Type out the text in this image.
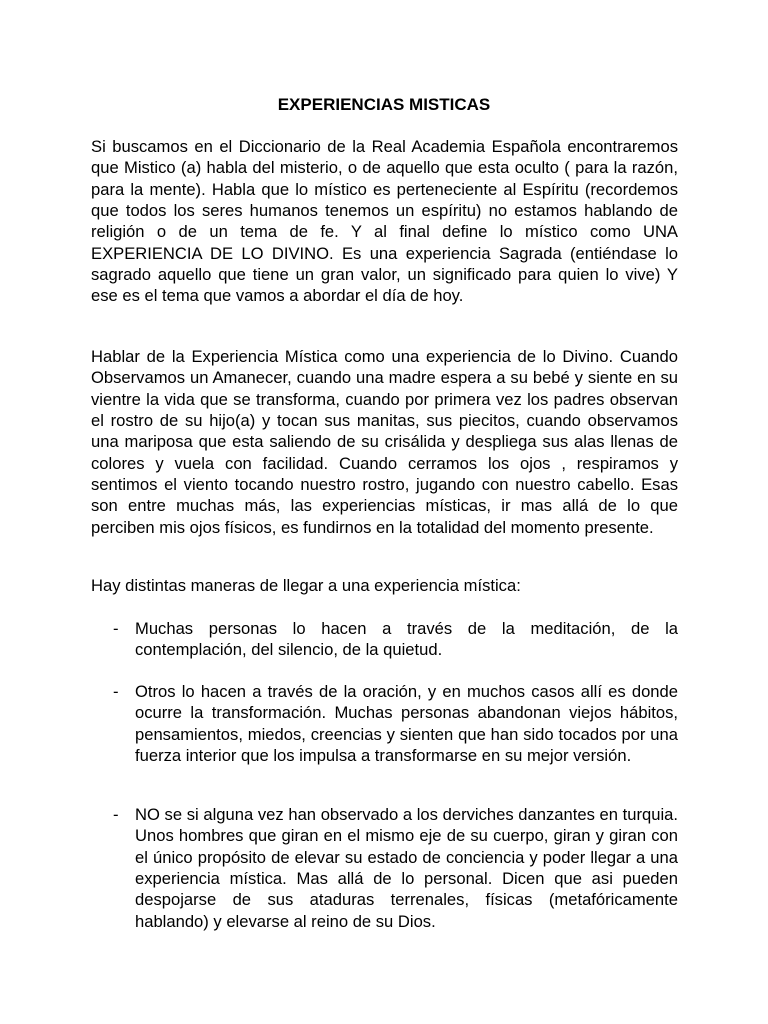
EXPERIENCIAS MISTICAS

Si buscamos en el Diccionario de la Real Academia Española encontraremos que Mistico (a) habla del misterio, o de aquello que esta oculto ( para la razón, para la mente). Habla que lo místico es perteneciente al Espíritu (recordemos que todos los seres humanos tenemos un espíritu) no estamos hablando de religión o de un tema de fe. Y al final define lo místico como UNA EXPERIENCIA DE LO DIVINO. Es una experiencia Sagrada (entiéndase lo sagrado aquello que tiene un gran valor, un significado para quien lo vive) Y ese es el tema que vamos a abordar el día de hoy.

Hablar de la Experiencia Mística como una experiencia de lo Divino. Cuando Observamos un Amanecer, cuando una madre espera a su bebé y siente en su vientre la vida que se transforma, cuando por primera vez los padres observan el rostro de su hijo(a) y tocan sus manitas, sus piecitos, cuando observamos una mariposa que esta saliendo de su crisálida y despliega sus alas llenas de colores y vuela con facilidad. Cuando cerramos los ojos , respiramos y sentimos el viento tocando nuestro rostro, jugando con nuestro cabello. Esas son entre muchas más, las experiencias místicas, ir mas allá de lo que perciben mis ojos físicos, es fundirnos en la totalidad del momento presente.

Hay distintas maneras de llegar a una experiencia mística:

- Muchas personas lo hacen a través de la meditación, de la contemplación, del silencio, de la quietud.

- Otros lo hacen a través de la oración, y en muchos casos allí es donde ocurre la transformación. Muchas personas abandonan viejos hábitos, pensamientos, miedos, creencias y sienten que han sido tocados por una fuerza interior que los impulsa a transformarse en su mejor versión.

- NO se si alguna vez han observado a los derviches danzantes en turquia. Unos hombres que giran en el mismo eje de su cuerpo, giran y giran con el único propósito de elevar su estado de conciencia y poder llegar a una experiencia mística. Mas allá de lo personal. Dicen que asi pueden despojarse de sus ataduras terrenales, físicas (metafóricamente hablando) y elevarse al reino de su Dios.
